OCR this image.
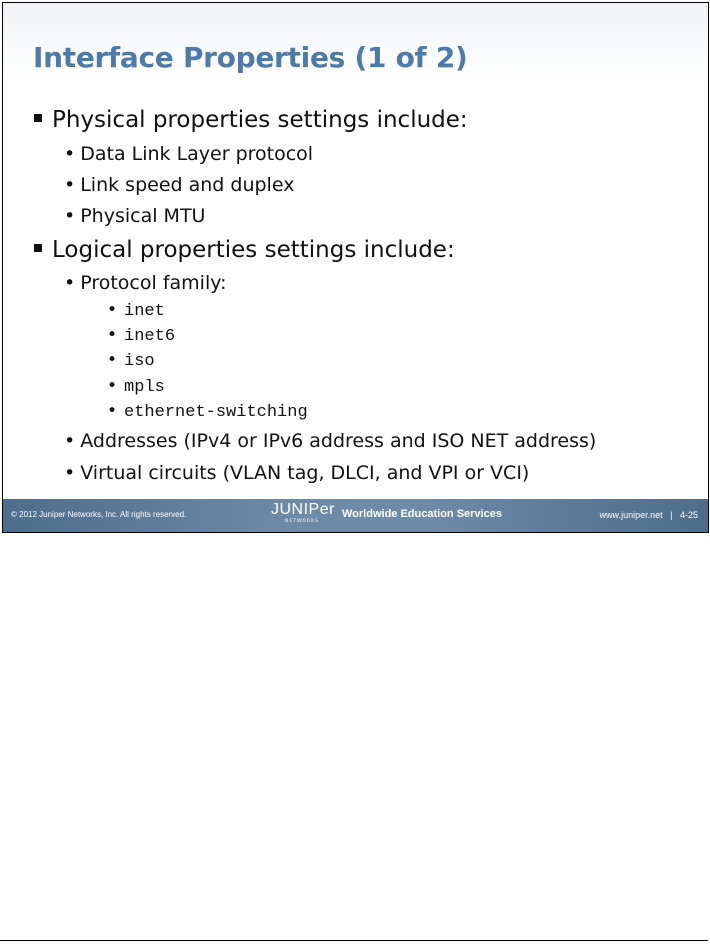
Interface Properties (1 of 2)
Physical properties settings include:
• Data Link Layer protocol
• Link speed and duplex
• Physical MTU
Logical properties settings include:
• Protocol family:
• inet
• inet6
• iso
• mpls
• ethernet-switching
• Addresses (IPv4 or IPv6 address and ISO NET address)
• Virtual circuits (VLAN tag, DLCI, and VPI or VCI)
© 2012 Juniper Networks, Inc. All rights reserved.	JUNIPer
NETWORKS
Worldwide Education Services	www.juniper.net | 4-25
